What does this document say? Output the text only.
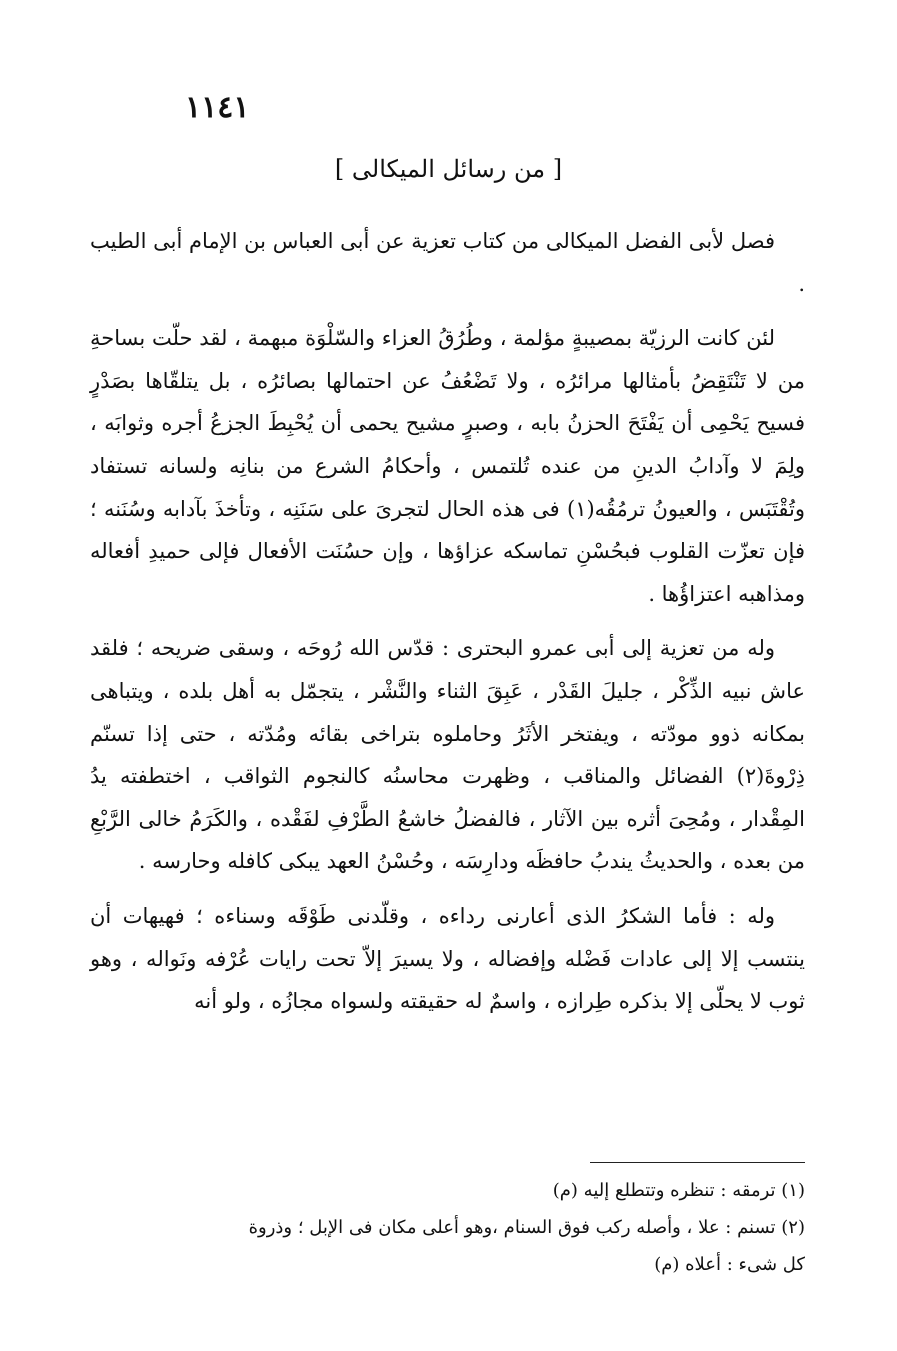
١١٤١
[ من رسائل الميكالى ]

فصل لأبى الفضل الميكالى من كتاب تعزية عن أبى العباس بن الإمام أبى الطيب .

لئن كانت الرزيّة بمصيبةٍ مؤلمة ، وطُرُقُ العزاء والسّلْوَة مبهمة ، لقد حلّت بساحةِ من لا تَنْتَقِضُ بأمثالها مرائرُه ، ولا تَضْعُفُ عن احتمالها بصائرُه ، بل يتلقّاها بصَدْرٍ فسيح يَحْمِى أن يَفْتَحَ الحزنُ بابه ، وصبرٍ مشيح يحمى أن يُحْبِطَ الجزعُ أجره وثوابَه ، ولِمَ لا وآدابُ الدينِ من عنده تُلتمس ، وأحكامُ الشرع من بنانِه ولسانه تستفاد وتُقْتَبَس ، والعيونُ ترمُقُه(١) فى هذه الحال لتجرىَ على سَنَنِه ، وتأخذَ بآدابه وسُنَنه ؛ فإن تعزّت القلوب فبحُسْنِ تماسكه عزاؤها ، وإن حسُنَت الأفعال فإلى حميدِ أفعاله ومذاهبه اعتزاؤُها .

وله من تعزية إلى أبى عمرو البحترى : قدّس الله رُوحَه ، وسقى ضريحه ؛ فلقد عاش نبيه الذِّكْر ، جليلَ القَدْر ، عَبِقَ الثناء والنَّشْر ، يتجمّل به أهل بلده ، ويتباهى بمكانه ذوو مودّته ، ويفتخر الأثَرُ وحاملوه بتراخى بقائه ومُدّته ، حتى إذا تسنّم ذِرْوةَ(٢) الفضائل والمناقب ، وظهرت محاسنُه كالنجوم الثواقب ، اختطفته يدُ المِقْدار ، ومُحِىَ أثره بين الآثار ، فالفضلُ خاشعُ الطَّرْفِ لفَقْده ، والكَرَمُ خالى الرَّبْعِ من بعده ، والحديثُ يندبُ حافظَه ودارِسَه ، وحُسْنُ العهد يبكى كافله وحارسه .

وله : فأما الشكرُ الذى أعارنى رداءه ، وقلّدنى طَوْقَه وسناءه ؛ فهيهات أن ينتسب إلا إلى عادات فَضْله وإفضاله ، ولا يسيرَ إلاّ تحت رايات عُرْفه ونَواله ، وهو ثوب لا يحلّى إلا بذكره طِرازه ، واسمٌ له حقيقته ولسواه مجازُه ، ولو أنه

(١) ترمقه : تنظره وتتطلع إليه (م)

(٢) تسنم : علا ، وأصله ركب فوق السنام ،وهو أعلى مكان فى الإبل ؛ وذروة

كل شىء : أعلاه (م)
